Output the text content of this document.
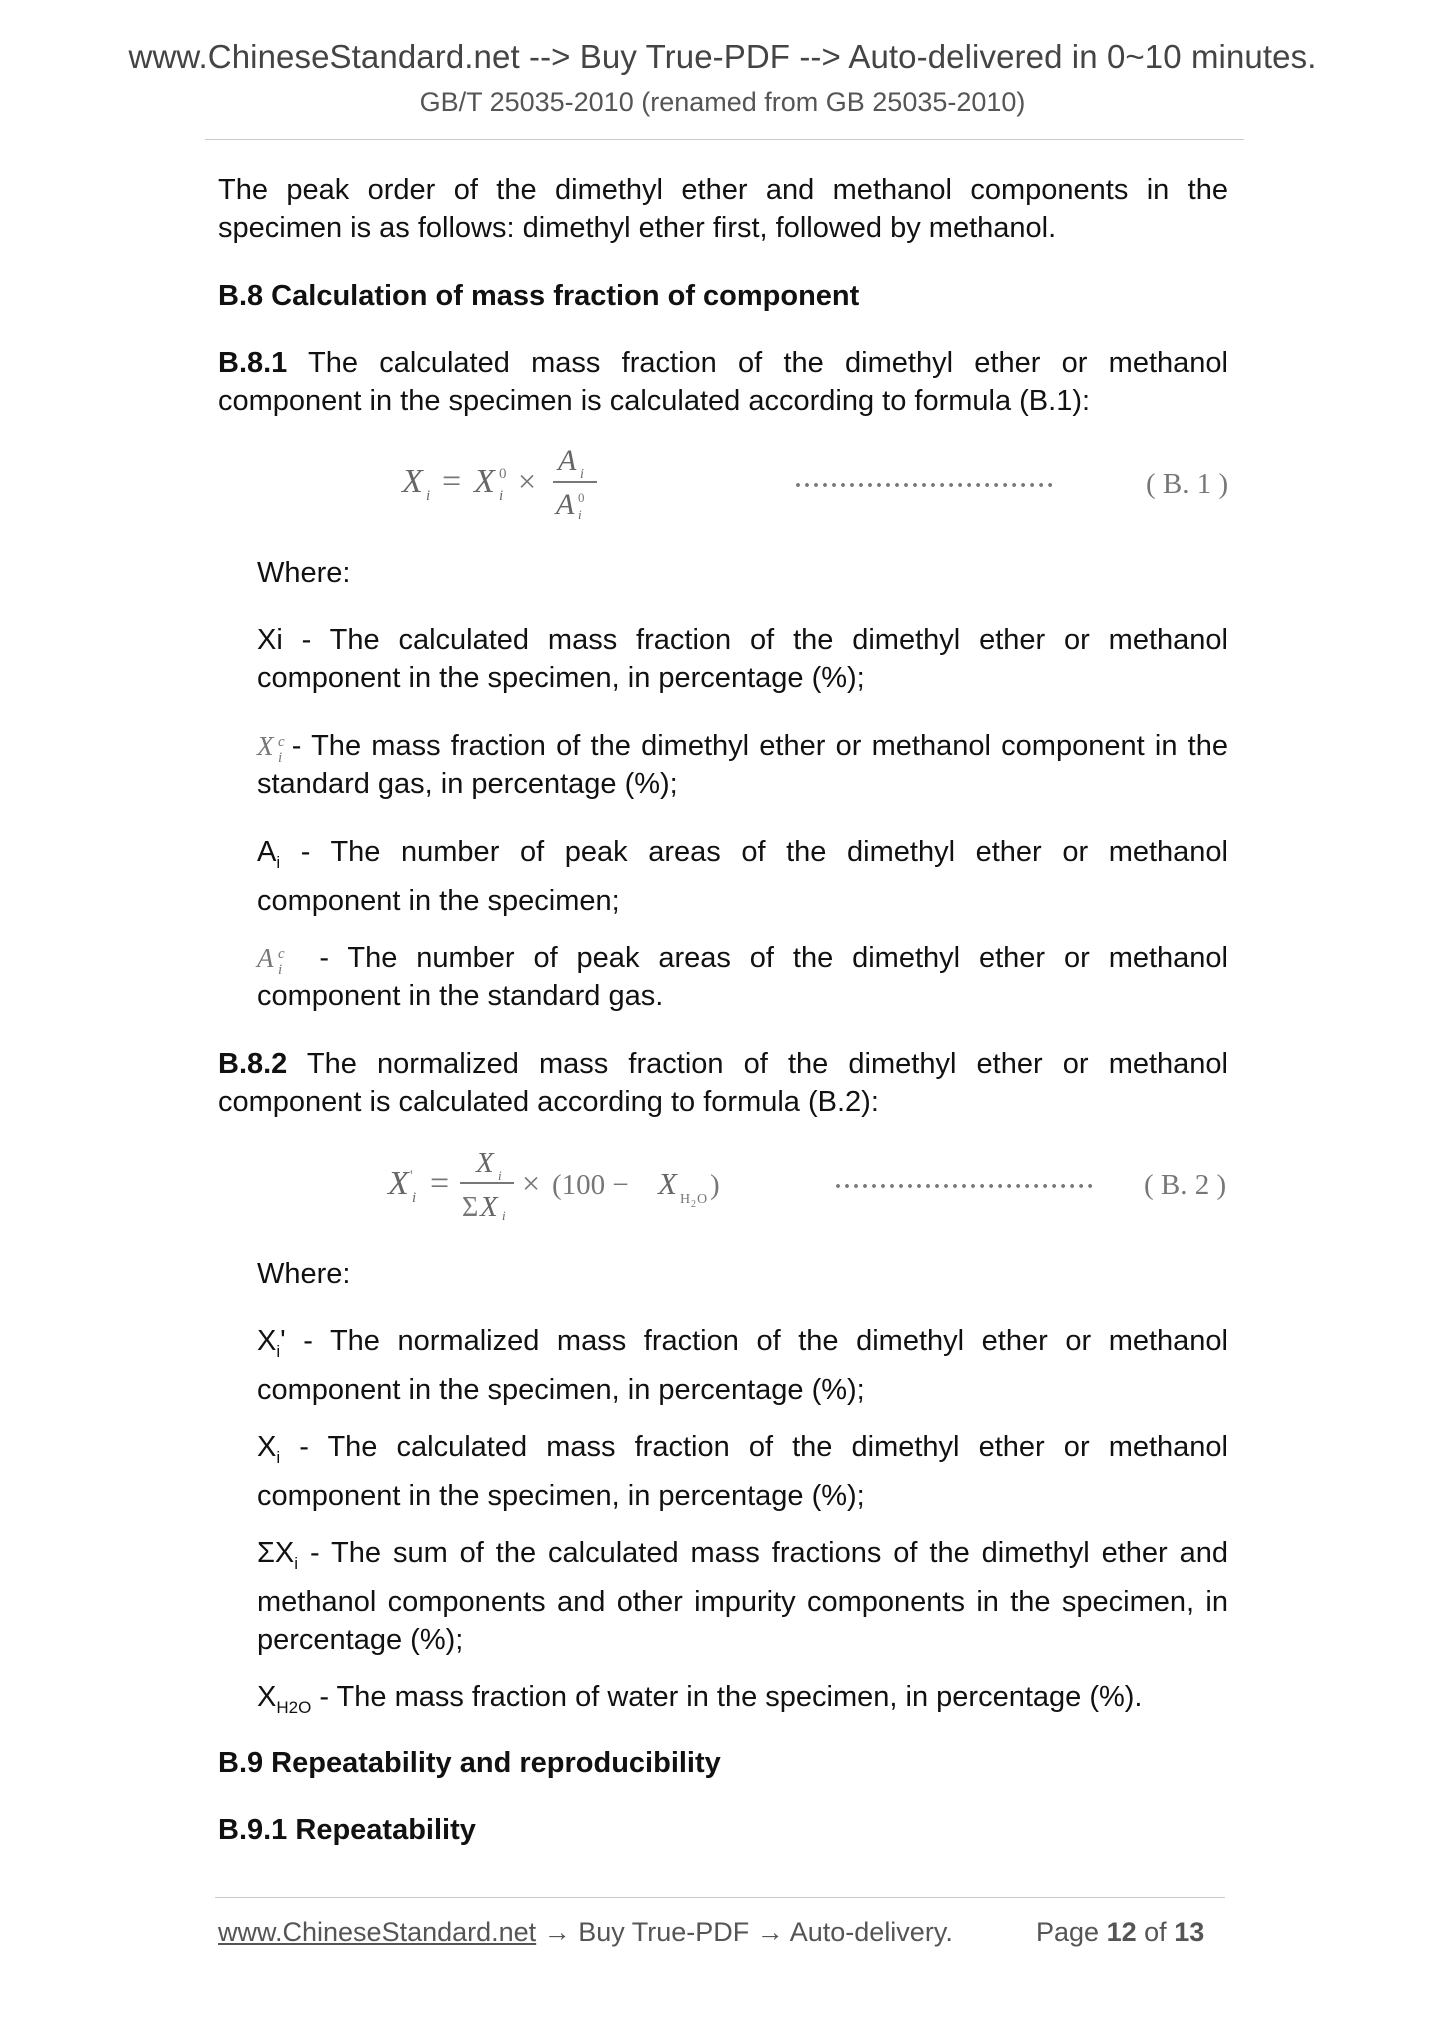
www.ChineseStandard.net --> Buy True-PDF --> Auto-delivered in 0~10 minutes.
GB/T 25035-2010 (renamed from GB 25035-2010)
The peak order of the dimethyl ether and methanol components in the specimen is as follows: dimethyl ether first, followed by methanol.
B.8 Calculation of mass fraction of component
B.8.1 The calculated mass fraction of the dimethyl ether or methanol component in the specimen is calculated according to formula (B.1):
X i = X 0
i ×
A i
A 0
i
·····························	( B. 1 )
Where:
Xi - The calculated mass fraction of the dimethyl ether or methanol component in the specimen, in percentage (%);
X c
i - The mass fraction of the dimethyl ether or methanol component in the standard gas, in percentage (%);
$A_i$ - The number of peak areas of the dimethyl ether or methanol component in the specimen;
A c
i - The number of peak areas of the dimethyl ether or methanol component in the standard gas.
B.8.2 The normalized mass fraction of the dimethyl ether or methanol component is calculated according to formula (B.2):
X '
i =
X i
Σ X i
× (100 − X H 2 O )	····························· ( B. 2 )
Where:
$X_i'$ - The normalized mass fraction of the dimethyl ether or methanol component in the specimen, in percentage (%);
$X_i$ - The calculated mass fraction of the dimethyl ether or methanol component in the specimen, in percentage (%);
$\Sigma X_i$ - The sum of the calculated mass fractions of the dimethyl ether and methanol components and other impurity components in the specimen, in percentage (%);
$X_{H2O}$ - The mass fraction of water in the specimen, in percentage (%).
B.9 Repeatability and reproducibility
B.9.1 Repeatability
www.ChineseStandard.net → Buy True-PDF → Auto-delivery.	Page 12 of 13
